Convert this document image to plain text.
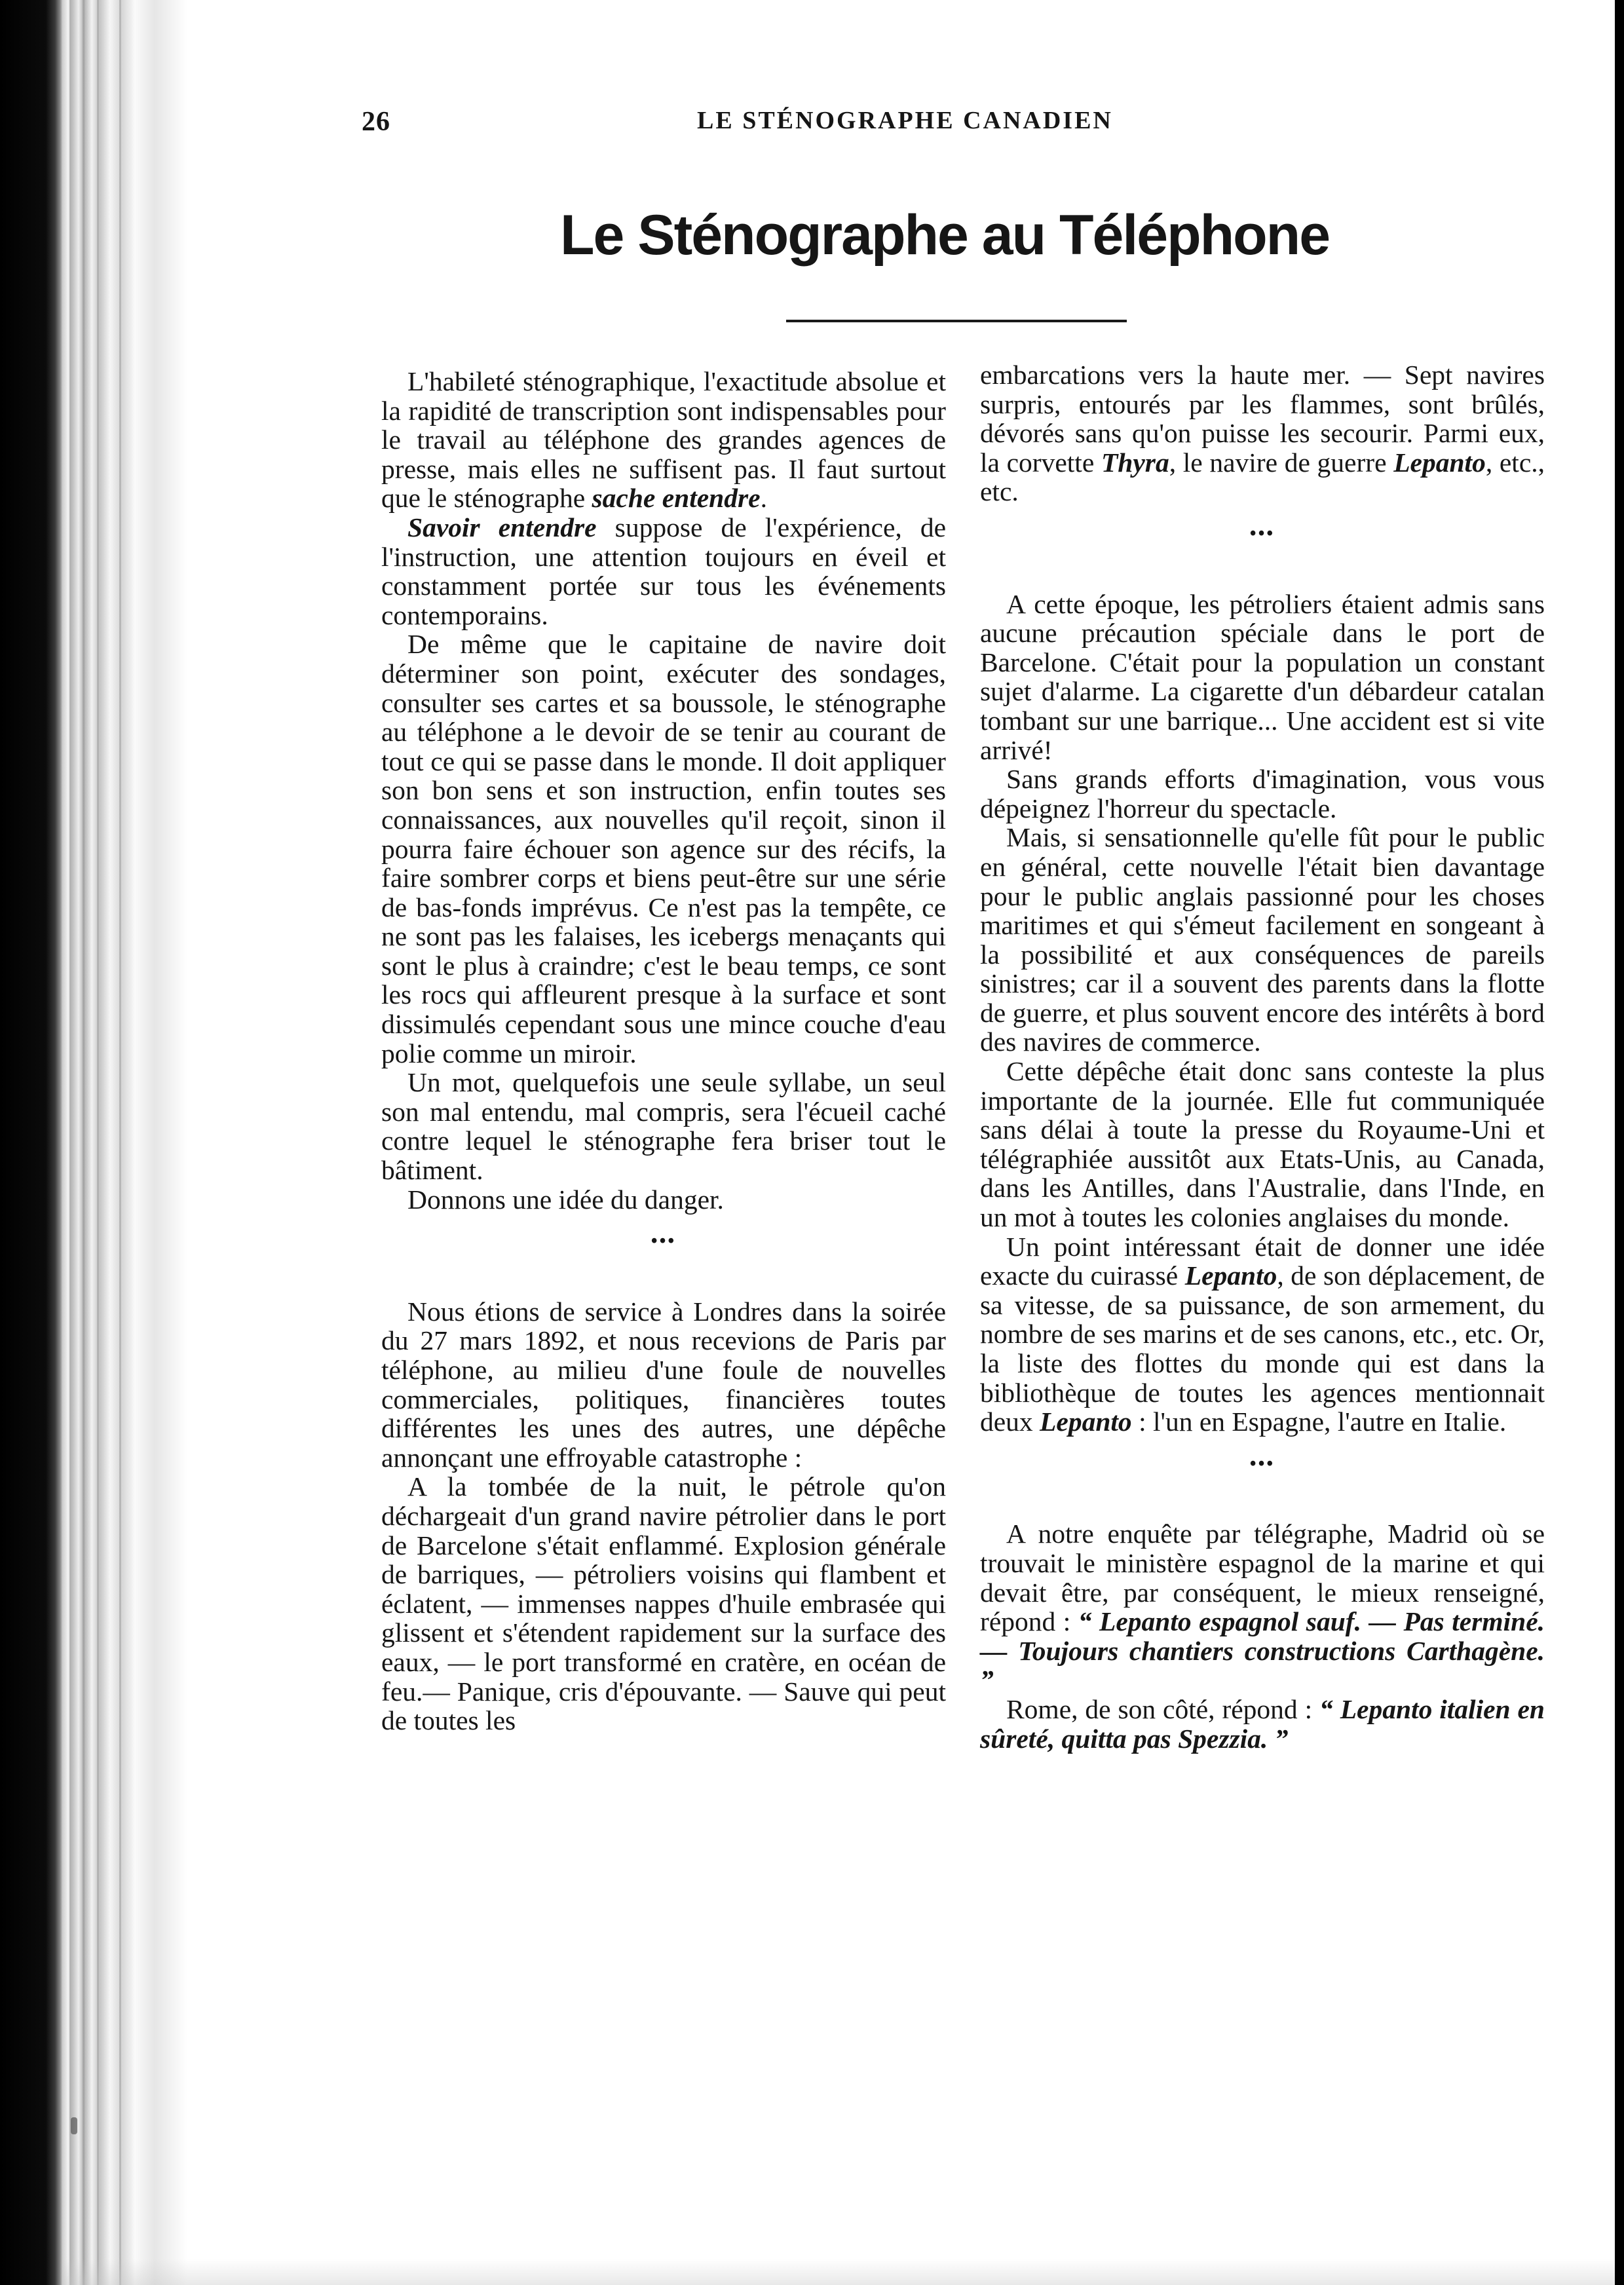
26	LE STÉNOGRAPHE CANADIEN
Le Sténographe au Téléphone

L'habileté sténographique, l'exactitude absolue et la rapidité de transcription sont indispensables pour le travail au téléphone des grandes agences de presse, mais elles ne suffisent pas. Il faut surtout que le sténographe sache entendre.

Savoir entendre suppose de l'expérience, de l'instruction, une attention toujours en éveil et constamment portée sur tous les événements contemporains.

De même que le capitaine de navire doit déterminer son point, exécuter des sondages, consulter ses cartes et sa boussole, le sténographe au téléphone a le devoir de se tenir au courant de tout ce qui se passe dans le monde. Il doit appliquer son bon sens et son instruction, enfin toutes ses connaissances, aux nouvelles qu'il reçoit, sinon il pourra faire échouer son agence sur des récifs, la faire sombrer corps et biens peut-être sur une série de bas-fonds imprévus. Ce n'est pas la tempête, ce ne sont pas les falaises, les icebergs menaçants qui sont le plus à craindre; c'est le beau temps, ce sont les rocs qui affleurent presque à la surface et sont dissimulés cependant sous une mince couche d'eau polie comme un miroir.

Un mot, quelquefois une seule syllabe, un seul son mal entendu, mal compris, sera l'écueil caché contre lequel le sténographe fera briser tout le bâtiment.

Donnons une idée du danger.

•••

Nous étions de service à Londres dans la soirée du 27 mars 1892, et nous recevions de Paris par téléphone, au milieu d'une foule de nouvelles commerciales, politiques, financières toutes différentes les unes des autres, une dépêche annonçant une effroyable catastrophe :

A la tombée de la nuit, le pétrole qu'on déchargeait d'un grand navire pétrolier dans le port de Barcelone s'était enflammé. Explosion générale de barriques, — pétroliers voisins qui flambent et éclatent, — immenses nappes d'huile embrasée qui glissent et s'étendent rapidement sur la surface des eaux, — le port transformé en cratère, en océan de feu.— Panique, cris d'épouvante. — Sauve qui peut de toutes les

embarcations vers la haute mer. — Sept navires surpris, entourés par les flammes, sont brûlés, dévorés sans qu'on puisse les secourir. Parmi eux, la corvette Thyra, le navire de guerre Lepanto, etc., etc.

•••

A cette époque, les pétroliers étaient admis sans aucune précaution spéciale dans le port de Barcelone. C'était pour la population un constant sujet d'alarme. La cigarette d'un débardeur catalan tombant sur une barrique... Une accident est si vite arrivé!

Sans grands efforts d'imagination, vous vous dépeignez l'horreur du spectacle.

Mais, si sensationnelle qu'elle fût pour le public en général, cette nouvelle l'était bien davantage pour le public anglais passionné pour les choses maritimes et qui s'émeut facilement en songeant à la possibilité et aux conséquences de pareils sinistres; car il a souvent des parents dans la flotte de guerre, et plus souvent encore des intérêts à bord des navires de commerce.

Cette dépêche était donc sans conteste la plus importante de la journée. Elle fut communiquée sans délai à toute la presse du Royaume-Uni et télégraphiée aussitôt aux Etats-Unis, au Canada, dans les Antilles, dans l'Australie, dans l'Inde, en un mot à toutes les colonies anglaises du monde.

Un point intéressant était de donner une idée exacte du cuirassé Lepanto, de son déplacement, de sa vitesse, de sa puissance, de son armement, du nombre de ses marins et de ses canons, etc., etc. Or, la liste des flottes du monde qui est dans la bibliothèque de toutes les agences mentionnait deux Lepanto : l'un en Espagne, l'autre en Italie.

•••

A notre enquête par télégraphe, Madrid où se trouvait le ministère espagnol de la marine et qui devait être, par conséquent, le mieux renseigné, répond : “ Lepanto espagnol sauf. — Pas terminé. — Toujours chantiers constructions Carthagène. ”

Rome, de son côté, répond : “ Lepanto italien en sûreté, quitta pas Spezzia. ”
